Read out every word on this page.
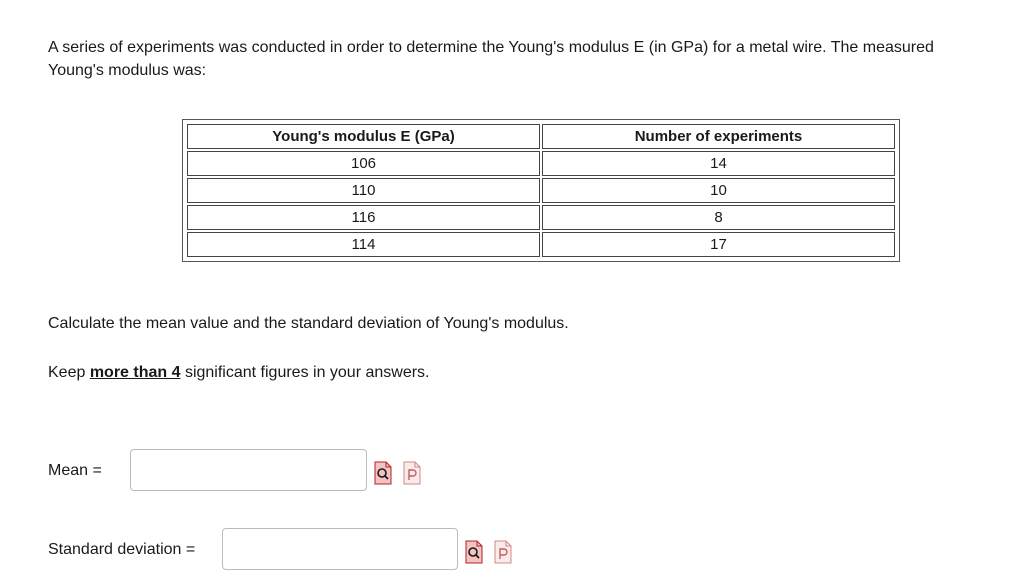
A series of experiments was conducted in order to determine the Young's modulus E (in GPa) for a metal wire. The measured
Young's modulus was:
Young's modulus E (GPa)	Number of experiments
106	14
110	10
116	8
114	17
Calculate the mean value and the standard deviation of Young's modulus.
Keep more than 4 significant figures in your answers.
Mean =
Standard deviation =
